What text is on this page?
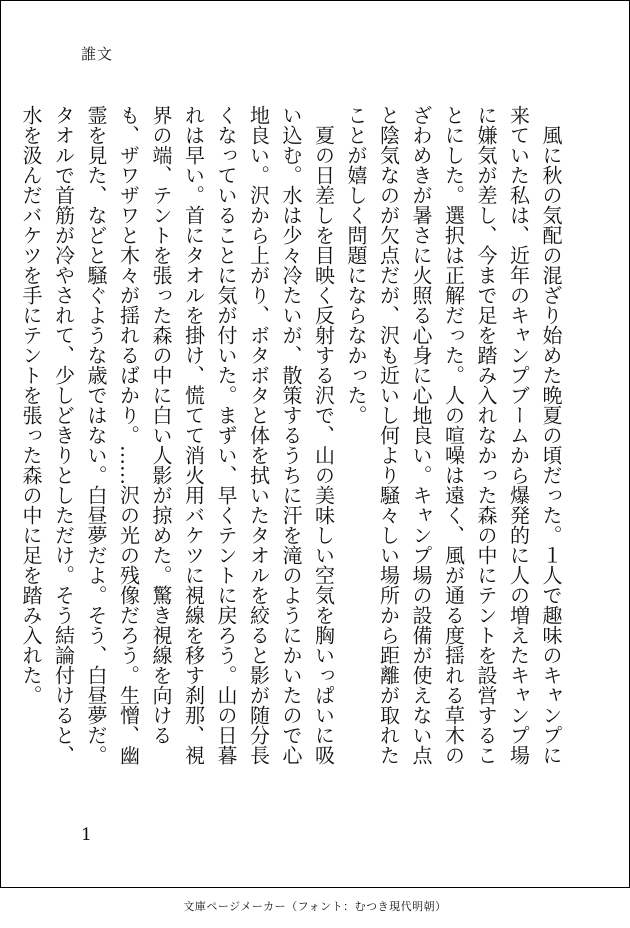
誰文

風に秋の気配の混ざり始めた晩夏の頃だった。１人で趣味のキャンプに来ていた私は、近年のキャンプブームから爆発的に人の増えたキャンプ場に嫌気が差し、今まで足を踏み入れなかった森の中にテントを設営することにした。選択は正解だった。人の喧噪は遠く、風が通る度揺れる草木のざわめきが暑さに火照る心身に心地良い。キャンプ場の設備が使えない点と陰気なのが欠点だが、沢も近いし何より騒々しい場所から距離が取れたことが嬉しく問題にならなかった。

夏の日差しを目映く反射する沢で、山の美味しい空気を胸いっぱいに吸い込む。水は少々冷たいが、散策するうちに汗を滝のようにかいたので心地良い。沢から上がり、ボタボタと体を拭いたタオルを絞ると影が随分長くなっていることに気が付いた。まずい、早くテントに戻ろう。山の日暮れは早い。首にタオルを掛け、慌てて消火用バケツに視線を移す刹那、視界の端、テントを張った森の中に白い人影が掠めた。驚き視線を向けるも、ザワザワと木々が揺れるばかり。……沢の光の残像だろう。生憎、幽霊を見た、などと騒ぐような歳ではない。白昼夢だよ。そう、白昼夢だ。タオルで首筋が冷やされて、少しどきりとしただけ。そう結論付けると、水を汲んだバケツを手にテントを張った森の中に足を踏み入れた。

1
文庫ページメーカー（フォント：むつき現代明朝）
